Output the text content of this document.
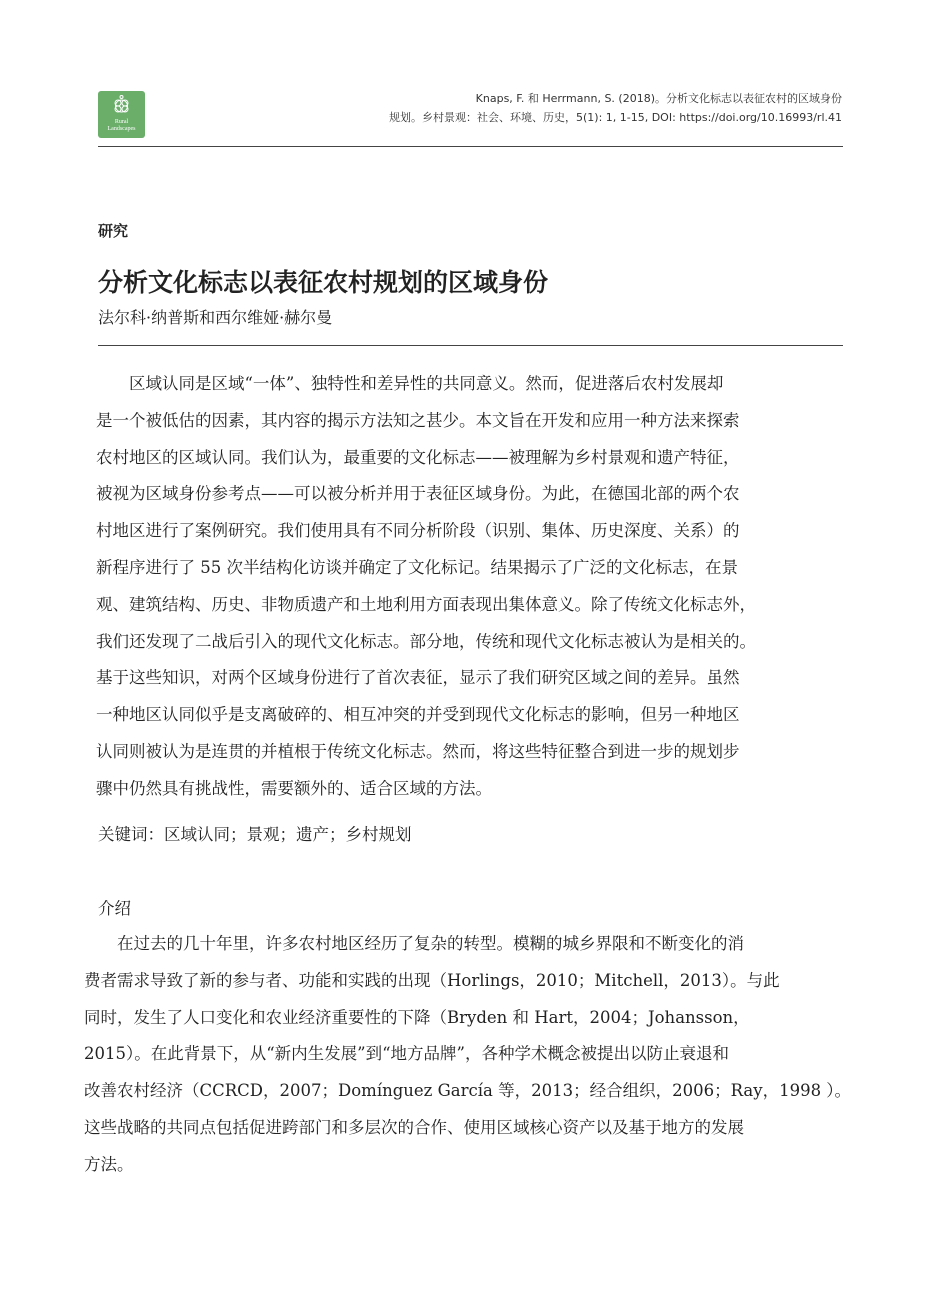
Rural
Landscapes
Knaps, F. 和 Herrmann, S. (2018)。分析文化标志以表征农村的区域身份
规划。乡村景观：社会、环境、历史，5(1): 1, 1-15, DOI: https://doi.org/10.16993/rl.41
研究
分析文化标志以表征农村规划的区域身份
法尔科·纳普斯和西尔维娅·赫尔曼
　　区域认同是区域“一体”、独特性和差异性的共同意义。然而，促进落后农村发展却
是一个被低估的因素，其内容的揭示方法知之甚少。本文旨在开发和应用一种方法来探索
农村地区的区域认同。我们认为，最重要的文化标志——被理解为乡村景观和遗产特征，
被视为区域身份参考点——可以被分析并用于表征区域身份。为此，在德国北部的两个农
村地区进行了案例研究。我们使用具有不同分析阶段（识别、集体、历史深度、关系）的
新程序进行了 55 次半结构化访谈并确定了文化标记。结果揭示了广泛的文化标志，在景
观、建筑结构、历史、非物质遗产和土地利用方面表现出集体意义。除了传统文化标志外，
我们还发现了二战后引入的现代文化标志。部分地，传统和现代文化标志被认为是相关的。
基于这些知识，对两个区域身份进行了首次表征，显示了我们研究区域之间的差异。虽然
一种地区认同似乎是支离破碎的、相互冲突的并受到现代文化标志的影响，但另一种地区
认同则被认为是连贯的并植根于传统文化标志。然而，将这些特征整合到进一步的规划步
骤中仍然具有挑战性，需要额外的、适合区域的方法。
关键词：区域认同；景观；遗产；乡村规划
介绍
　　在过去的几十年里，许多农村地区经历了复杂的转型。模糊的城乡界限和不断变化的消
费者需求导致了新的参与者、功能和实践的出现（Horlings，2010；Mitchell，2013）。与此
同时，发生了人口变化和农业经济重要性的下降（Bryden 和 Hart，2004；Johansson，
2015）。在此背景下，从“新内生发展”到“地方品牌”，各种学术概念被提出以防止衰退和
改善农村经济（CCRCD，2007；Domínguez García 等，2013；经合组织，2006；Ray，1998 ）。
这些战略的共同点包括促进跨部门和多层次的合作、使用区域核心资产以及基于地方的发展
方法。
